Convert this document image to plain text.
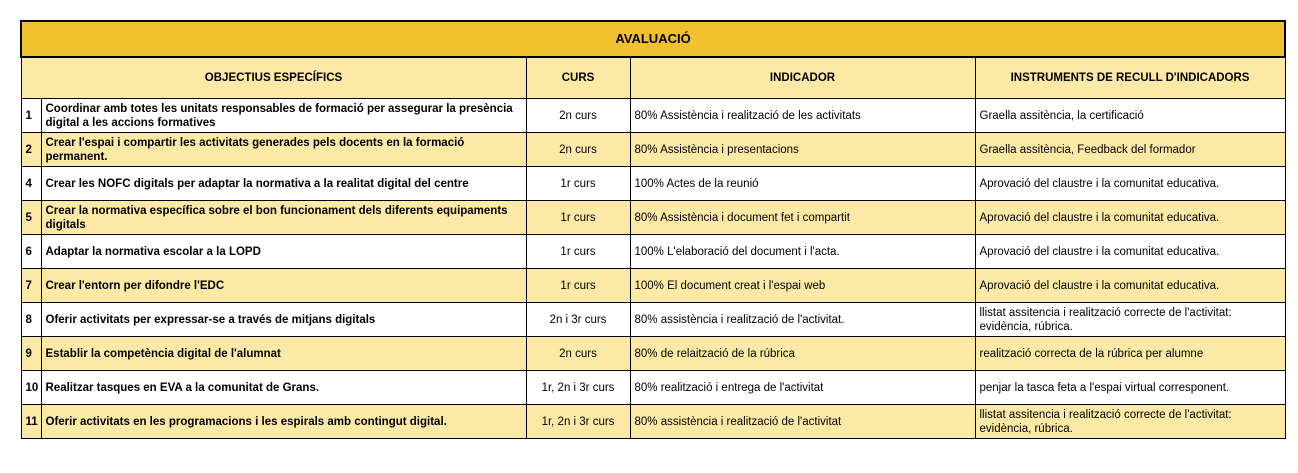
AVALUACIÓ				
OBJECTIUS ESPECÍFICS		CURS	INDICADOR	INSTRUMENTS DE RECULL D'INDICADORS
1	Coordinar amb totes les unitats responsables de formació per assegurar la presència digital a les accions formatives	2n curs	80% Assistència i realització de les activitats	Graella assitència, la certificació
2	Crear l'espai i compartir les activitats generades pels docents en la formació permanent.	2n curs	80% Assistència i presentacions	Graella assitència, Feedback del formador
4	Crear les NOFC digitals per adaptar la normativa a la realitat digital del centre	1r curs	100% Actes de la reunió	Aprovació del claustre i la comunitat educativa.
5	Crear la normativa específica sobre el bon funcionament dels diferents equipaments digitals	1r curs	80% Assistència i document fet i compartit	Aprovació del claustre i la comunitat educativa.
6	Adaptar la normativa escolar a la LOPD	1r curs	100% L'elaboració del document i l'acta.	Aprovació del claustre i la comunitat educativa.
7	Crear l'entorn per difondre l'EDC	1r curs	100% El document creat i l'espai web	Aprovació del claustre i la comunitat educativa.
8	Oferir activitats per expressar-se a través de mitjans digitals	2n i 3r curs	80% assistència i realització de l'activitat.	llistat assitencia i realització correcte de l'activitat: evidència, rúbrica.
9	Establir la competència digital de l'alumnat	2n curs	80% de relaització de la rúbrica	realització correcta de la rúbrica per alumne
10	Realitzar tasques en EVA a la comunitat de Grans.	1r, 2n i 3r curs	80% realització i entrega de l'activitat	penjar la tasca feta a l'espai virtual corresponent.
11	Oferir activitats en les programacions i les espirals amb contingut digital.	1r, 2n i 3r curs	80% assistència i realització de l'activitat	llistat assitencia i realització correcte de l'activitat: evidència, rúbrica.
